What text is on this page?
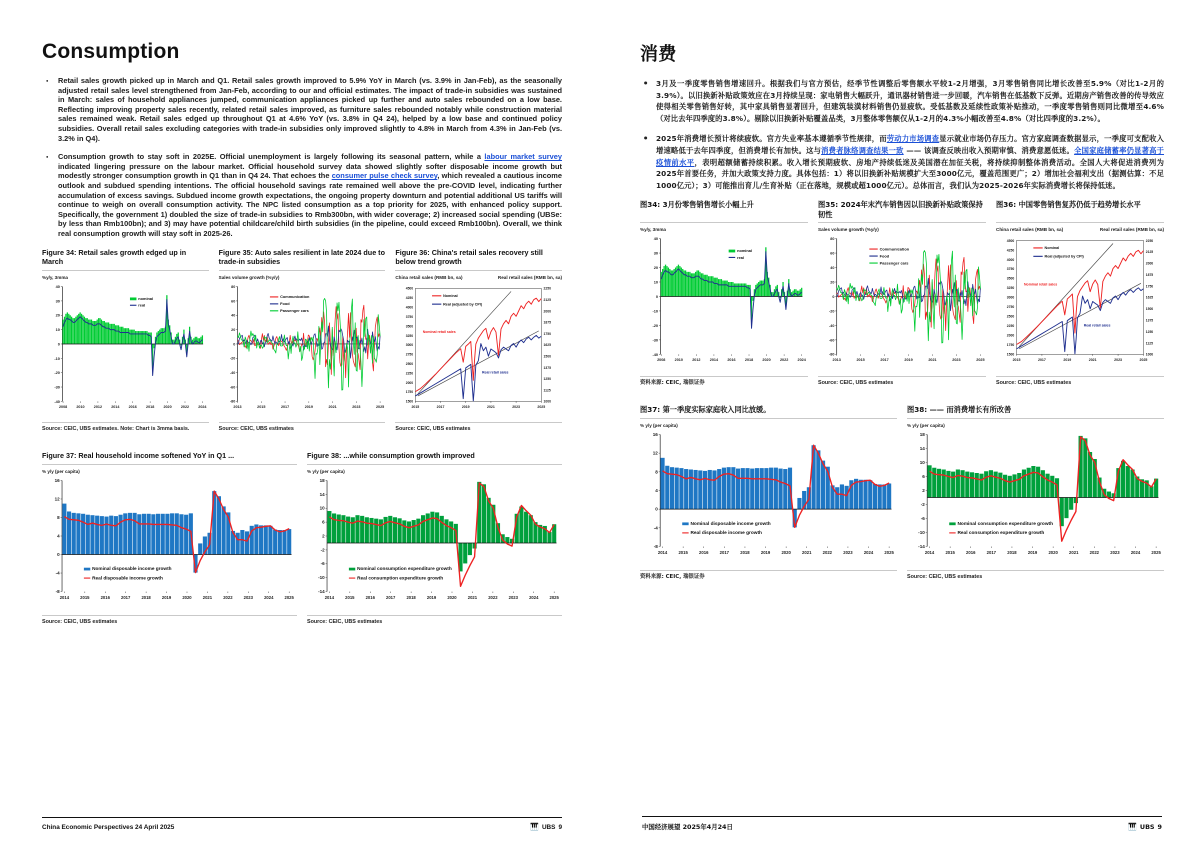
Consumption
● Retail sales growth picked up in March and Q1. Retail sales growth improved to 5.9% YoY in March (vs. 3.9% in Jan-Feb), as the seasonally adjusted retail sales level strengthened from Jan-Feb, according to our and official estimates. The impact of trade-in subsidies was sustained in March: sales of household appliances jumped, communication appliances picked up further and auto sales rebounded on a low base. Reflecting improving property sales recently, related retail sales improved, as furniture sales rebounded notably while construction material sales remained weak. Retail sales edged up throughout Q1 at 4.6% YoY (vs. 3.8% in Q4 24), helped by a low base and continued policy subsidies. Overall retail sales excluding categories with trade-in subsidies only improved slightly to 4.8% in March from 4.3% in Jan-Feb (vs. 3.2% in Q4).
● Consumption growth to stay soft in 2025E. Official unemployment is largely following its seasonal pattern, while a labour market survey indicated lingering pressure on the labour market. Official household survey data showed slightly softer disposable income growth but modestly stronger consumption growth in Q1 than in Q4 24. That echoes the consumer pulse check survey, which revealed a cautious income outlook and subdued spending intentions. The official household savings rate remained well above the pre-COVID level, indicating further accumulation of excess savings. Subdued income growth expectations, the ongoing property downturn and potential additional US tariffs will continue to weigh on overall consumption activity. The NPC listed consumption as a top priority for 2025, with enhanced policy support. Specifically, the government 1) doubled the size of trade-in subsidies to Rmb300bn, with wider coverage; 2) increased social spending (UBSe: by less than Rmb100bn); and 3) may have potential childcare/child birth subsidies (in the pipeline, could exceed Rmb100bn). Overall, we think real consumption growth will stay soft in 2025-26.
Figure 34: Retail sales growth edged up in March
%y/y, 3mma
-40
-30
-20
-10
0
10
20
30
40
2008 2010 2012 2014 2016 2018 2020 2022 2024
nominal
real
Source: CEIC, UBS estimates. Note: Chart is 3mma basis.
Figure 35: Auto sales resilient in late 2024 due to trade-in subsidies
Sales volume growth (%y/y)
-80
-60
-40
-20
0
20
40
60
80
2013	2015	2017	2019	2021	2023	2025
Communication
Food
Passenger cars
Source: CEIC, UBS estimates
Figure 36: China's retail sales recovery still below trend growth
China retail sales (RMB bn, sa)	Real retail sales (RMB bn, sa)
1500
1750
2000
2250
2500
2750
3000
3250
3500
3750
4000
4250
4500
1000
1125
1250
1375
1500
1625
1750
1875
2000
2125
2250
Nominal
Real (adjusted by CPI)
Nominal retail sales
Real retail sales
2015	2017	2019	2021	2023	2025
Source: CEIC, UBS estimates
Figure 37: Real household income softened YoY in Q1 ...
% y/y (per capita)
-8
-4
0
4
8
12
16
2014 2015 2016 2017 2018 2019 2020 2021 2022 2023 2024 2025
Nominal disposable income growth
Real disposable income growth
Source: CEIC, UBS estimates
Figure 38: ...while consumption growth improved
% y/y (per capita)
-14
-10
-6
-2
2
6
10
14
18
2014 2015 2016 2017 2018 2019 2020 2021 2022 2023 2024 2025
Nominal consumption expenditure growth
Real consumption expenditure growth
Source: CEIC, UBS estimates
China Economic Perspectives 24 April 2025	🎹 UBS 9
消费
● 3月及一季度零售销售增速回升。根据我们与官方预估，经季节性调整后零售额水平较1-2月增强，3月零售销售同比增长改善至5.9%（对比1-2月的3.9%）。以旧换新补贴政策效应在3月持续呈现：家电销售大幅跃升，通讯器材销售进一步回暖，汽车销售在低基数下反弹。近期房产销售改善的传导效应使得相关零售销售好转，其中家具销售显著回升，但建筑装潢材料销售仍显疲软。受低基数及延续性政策补贴推动，一季度零售销售则同比微增至4.6%（对比去年四季度的3.8%）。剔除以旧换新补贴覆盖品类，3月整体零售额仅从1-2月的4.3%小幅改善至4.8%（对比四季度的3.2%）。
● 2025年消费增长预计将续疲软。官方失业率基本遵循季节性规律，而劳动力市场调查显示就业市场仍存压力。官方家庭调查数据显示，一季度可支配收入增速略低于去年四季度，但消费增长有加快。这与消费者脉络调查结果一致 —— 该调查反映出收入预期审慎、消费意愿低迷。全国家庭储蓄率仍显著高于疫情前水平，表明超额储蓄持续积累。收入增长预期疲软、房地产持续低迷及美国潜在加征关税，将持续抑制整体消费活动。全国人大将促进消费列为2025年首要任务，并加大政策支持力度。具体包括：1）将以旧换新补贴规模扩大至3000亿元，覆盖范围更广；2）增加社会福利支出（据测估算：不足1000亿元）；3）可能推出育儿/生育补贴（正在落地，规模或超1000亿元）。总体而言，我们认为2025-2026年实际消费增长将保持低迷。
图34: 3月份零售销售增长小幅上升
%y/y, 3mma
-40
-30
-20
-10
0
10
20
30
40
2008 2010 2012 2014 2016 2018 2020 2022 2024
nominal
real
资料来源: CEIC, 瑞银证券
图35: 2024年末汽车销售因以旧换新补贴政策保持韧性
Sales volume growth (%y/y)
-80
-60
-40
-20
0
20
40
60
80
2013	2015	2017	2019	2021	2023	2025
Communication
Food
Passenger cars
Source: CEIC, UBS estimates
图36: 中国零售销售复苏仍低于趋势增长水平
China retail sales (RMB bn, sa)	Real retail sales (RMB bn, sa)
1500
1750
2000
2250
2500
2750
3000
3250
3500
3750
4000
4250
4500
1000
1125
1250
1375
1500
1625
1750
1875
2000
2125
2250
Nominal
Real (adjusted by CPI)
Nominal retail sales
Real retail sales
2015	2017	2019	2021	2023	2025
Source: CEIC, UBS estimates
图37: 第一季度实际家庭收入同比放缓。
% y/y (per capita)
-8
-4
0
4
8
12
16
2014 2015 2016 2017 2018 2019 2020 2021 2022 2023 2024 2025
Nominal disposable income growth
Real disposable income growth
资料来源: CEIC, 瑞银证券
图38: —— 而消费增长有所改善
% y/y (per capita)
-14
-10
-6
-2
2
6
10
14
18
2014 2015 2016 2017 2018 2019 2020 2021 2022 2023 2024 2025
Nominal consumption expenditure growth
Real consumption expenditure growth
Source: CEIC, UBS estimates
中国经济展望 2025年4月24日	🎹 UBS 9
